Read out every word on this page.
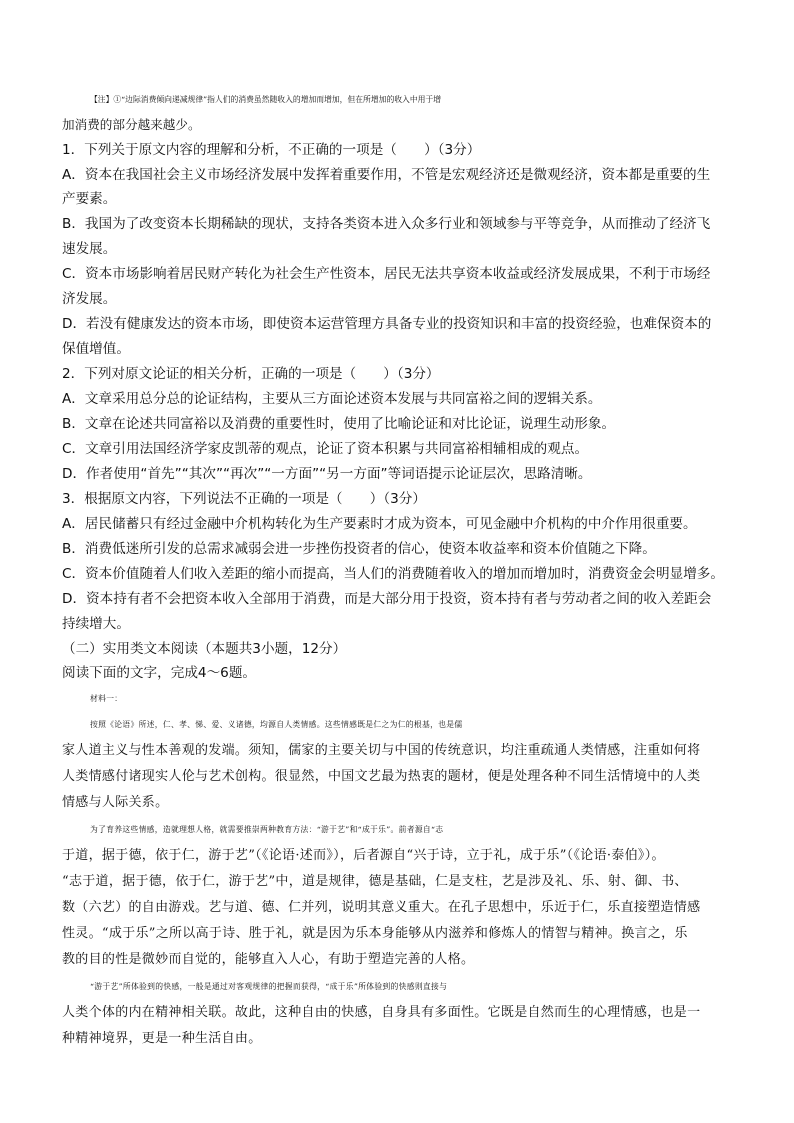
【注】①“边际消费倾向递减规律”指人们的消费虽然随收入的增加而增加，但在所增加的收入中用于增
加消费的部分越来越少。
1．下列关于原文内容的理解和分析，不正确的一项是（　　）（3分）
A．资本在我国社会主义市场经济发展中发挥着重要作用，不管是宏观经济还是微观经济，资本都是重要的生
产要素。
B．我国为了改变资本长期稀缺的现状，支持各类资本进入众多行业和领域参与平等竞争，从而推动了经济飞
速发展。
C．资本市场影响着居民财产转化为社会生产性资本，居民无法共享资本收益或经济发展成果，不利于市场经
济发展。
D．若没有健康发达的资本市场，即使资本运营管理方具备专业的投资知识和丰富的投资经验，也难保资本的
保值增值。
2．下列对原文论证的相关分析，正确的一项是（　　）（3分）
A．文章采用总分总的论证结构，主要从三方面论述资本发展与共同富裕之间的逻辑关系。
B．文章在论述共同富裕以及消费的重要性时，使用了比喻论证和对比论证，说理生动形象。
C．文章引用法国经济学家皮凯蒂的观点，论证了资本积累与共同富裕相辅相成的观点。
D．作者使用“首先”“其次”“再次”“一方面”“另一方面”等词语提示论证层次，思路清晰。
3．根据原文内容，下列说法不正确的一项是（　　）（3分）
A．居民储蓄只有经过金融中介机构转化为生产要素时才成为资本，可见金融中介机构的中介作用很重要。
B．消费低迷所引发的总需求减弱会进一步挫伤投资者的信心，使资本收益率和资本价值随之下降。
C．资本价值随着人们收入差距的缩小而提高，当人们的消费随着收入的增加而增加时，消费资金会明显增多。
D．资本持有者不会把资本收入全部用于消费，而是大部分用于投资，资本持有者与劳动者之间的收入差距会
持续增大。
（二）实用类文本阅读（本题共3小题，12分）
阅读下面的文字，完成4～6题。
材料一：
按照《论语》所述，仁、孝、悌、爱、义诸德，均源自人类情感。这些情感既是仁之为仁的根基，也是儒
家人道主义与性本善观的发端。须知，儒家的主要关切与中国的传统意识，均注重疏通人类情感，注重如何将
人类情感付诸现实人伦与艺术创构。很显然，中国文艺最为热衷的题材，便是处理各种不同生活情境中的人类
情感与人际关系。
为了育养这些情感，造就理想人格，就需要推崇两种教育方法：“游于艺”和“成于乐”。前者源自“志
于道，据于德，依于仁，游于艺”（《论语·述而》），后者源自“兴于诗，立于礼，成于乐”（《论语·泰伯》）。
“志于道，据于德，依于仁，游于艺”中，道是规律，德是基础，仁是支柱，艺是涉及礼、乐、射、御、书、
数（六艺）的自由游戏。艺与道、德、仁并列，说明其意义重大。在孔子思想中，乐近于仁，乐直接塑造情感
性灵。“成于乐”之所以高于诗、胜于礼，就是因为乐本身能够从内滋养和修炼人的情智与精神。换言之，乐
教的目的性是微妙而自觉的，能够直入人心，有助于塑造完善的人格。
“游于艺”所体验到的快感，一般是通过对客观规律的把握而获得，“成于乐”所体验到的快感则直接与
人类个体的内在精神相关联。故此，这种自由的快感，自身具有多面性。它既是自然而生的心理情感，也是一
种精神境界，更是一种生活自由。
